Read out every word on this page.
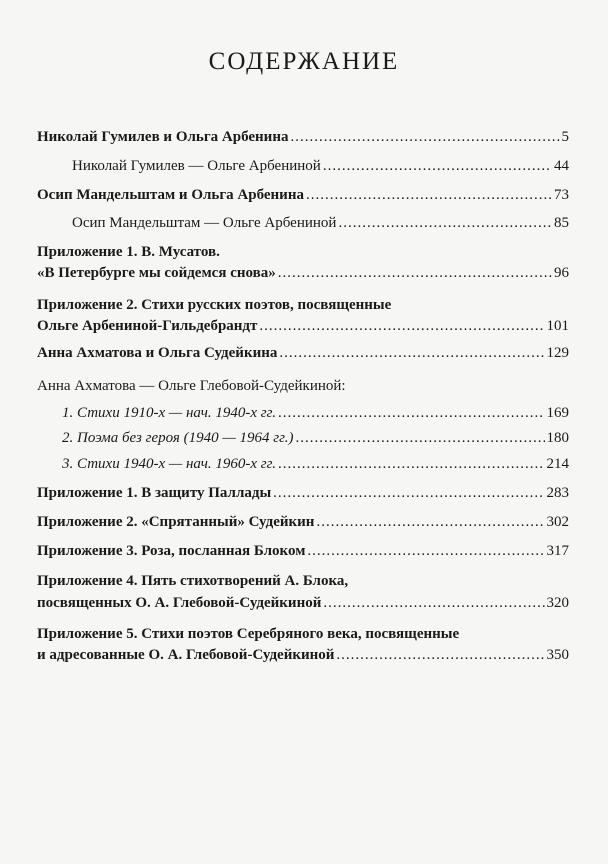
СОДЕРЖАНИЕ
Николай Гумилев и Ольга Арбенина .....	5
Николай Гумилев — Ольге Арбениной .....	44
Осип Мандельштам и Ольга Арбенина .....	73
Осип Мандельштам — Ольге Арбениной .....	85
Приложение 1. В. Мусатов.
«В Петербурге мы сойдемся снова» .....	96
Приложение 2. Стихи русских поэтов, посвященные
Ольге Арбениной-Гильдебрандт .....	101
Анна Ахматова и Ольга Судейкина .....	129
Анна Ахматова — Ольге Глебовой-Судейкиной:
1. Стихи 1910-х — нач. 1940-х гг. .....	169
2. Поэма без героя (1940 — 1964 гг.) .....	180
3. Стихи 1940-х — нач. 1960-х гг. .....	214
Приложение 1. В защиту Паллады .....	283
Приложение 2. «Спрятанный» Судейкин .....	302
Приложение 3. Роза, посланная Блоком .....	317
Приложение 4. Пять стихотворений А. Блока,
посвященных О. А. Глебовой-Судейкиной .....	320
Приложение 5. Стихи поэтов Серебряного века, посвященные
и адресованные О. А. Глебовой-Судейкиной .....	350
